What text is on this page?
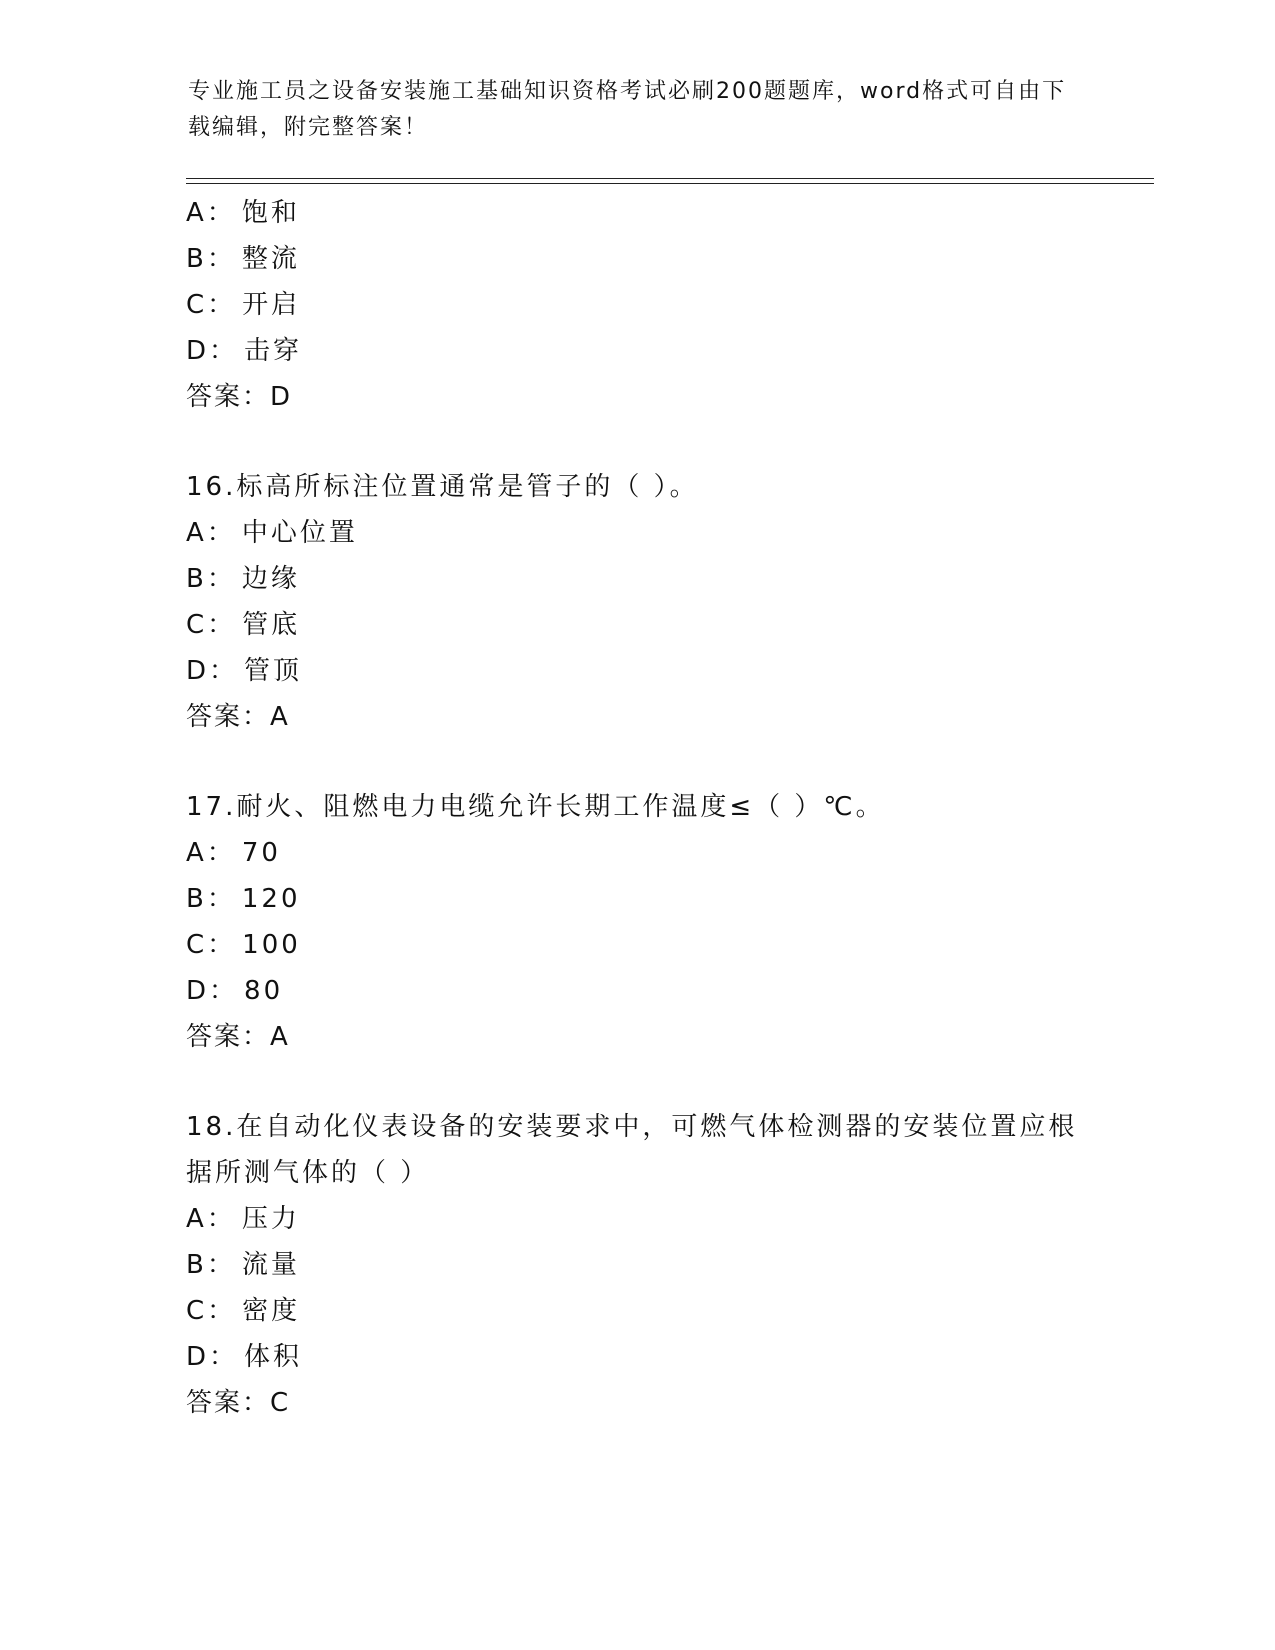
专业施工员之设备安装施工基础知识资格考试必刷200题题库，word格式可自由下载编辑，附完整答案！
A： 饱和
B： 整流
C： 开启
D： 击穿
答案：D
16.标高所标注位置通常是管子的（ ）。
A： 中心位置
B： 边缘
C： 管底
D： 管顶
答案：A
17.耐火、阻燃电力电缆允许长期工作温度≤（ ）℃。
A： 70
B： 120
C： 100
D： 80
答案：A
18.在自动化仪表设备的安装要求中，可燃气体检测器的安装位置应根据所测气体的（ ）
A： 压力
B： 流量
C： 密度
D： 体积
答案：C
